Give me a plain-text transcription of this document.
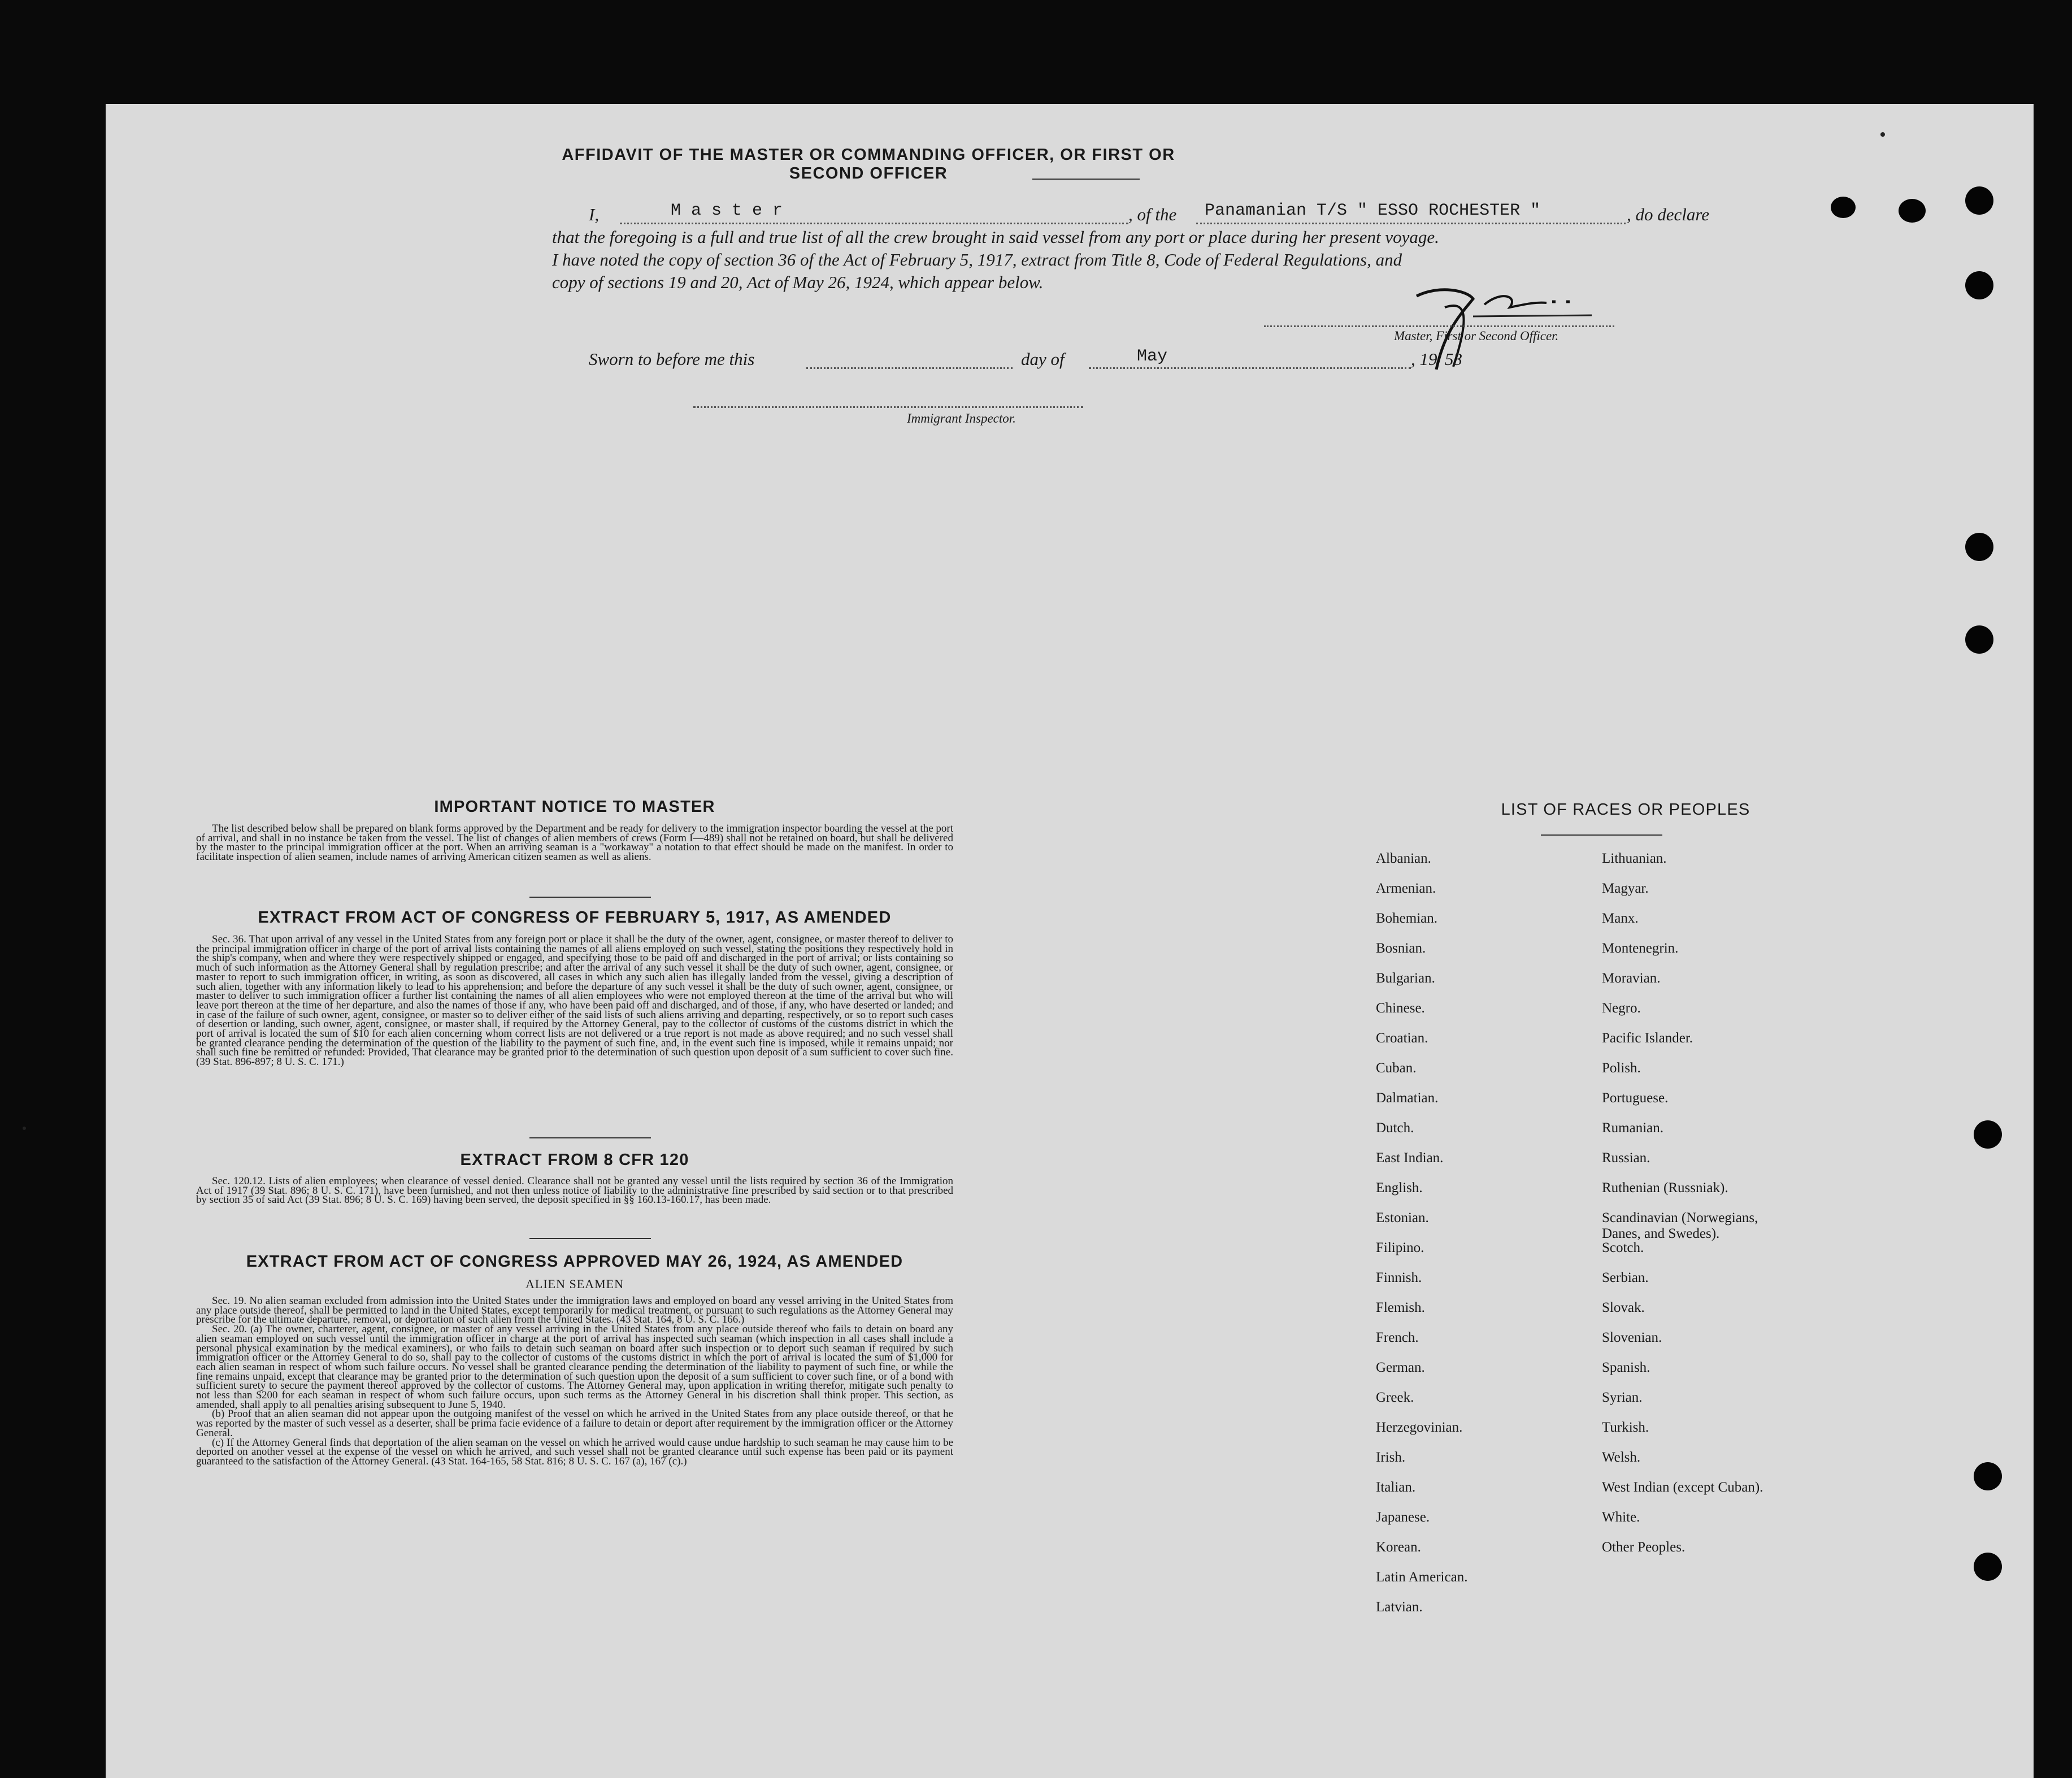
AFFIDAVIT OF THE MASTER OR COMMANDING OFFICER, OR FIRST OR SECOND OFFICER
I,	M a s t e r	, of the Panamanian T/S " ESSO ROCHESTER "	, do declare
that the foregoing is a full and true list of all the crew brought in said vessel from any port or place during her present voyage.
I have noted the copy of section 36 of the Act of February 5, 1917, extract from Title 8, Code of Federal Regulations, and
copy of sections 19 and 20, Act of May 26, 1924, which appear below.
Master, First or Second Officer.
Sworn to before me this	day of	May	, 19 53
Immigrant Inspector.
IMPORTANT NOTICE TO MASTER

The list described below shall be prepared on blank forms approved by the Department and be ready for delivery to the immigration inspector boarding the vessel at the port of arrival, and shall in no instance be taken from the vessel. The list of changes of alien members of crews (Form I—489) shall not be retained on board, but shall be delivered by the master to the principal immigration officer at the port. When an arriving seaman is a "workaway" a notation to that effect should be made on the manifest. In order to facilitate inspection of alien seamen, include names of arriving American citizen seamen as well as aliens.

EXTRACT FROM ACT OF CONGRESS OF FEBRUARY 5, 1917, AS AMENDED

Sec. 36. That upon arrival of any vessel in the United States from any foreign port or place it shall be the duty of the owner, agent, consignee, or master thereof to deliver to the principal immigration officer in charge of the port of arrival lists containing the names of all aliens employed on such vessel, stating the positions they respectively hold in the ship's company, when and where they were respectively shipped or engaged, and specifying those to be paid off and discharged in the port of arrival; or lists containing so much of such information as the Attorney General shall by regulation prescribe; and after the arrival of any such vessel it shall be the duty of such owner, agent, consignee, or master to report to such immigration officer, in writing, as soon as discovered, all cases in which any such alien has illegally landed from the vessel, giving a description of such alien, together with any information likely to lead to his apprehension; and before the departure of any such vessel it shall be the duty of such owner, agent, consignee, or master to deliver to such immigration officer a further list containing the names of all alien employees who were not employed thereon at the time of the arrival but who will leave port thereon at the time of her departure, and also the names of those if any, who have been paid off and discharged, and of those, if any, who have deserted or landed; and in case of the failure of such owner, agent, consignee, or master so to deliver either of the said lists of such aliens arriving and departing, respectively, or so to report such cases of desertion or landing, such owner, agent, consignee, or master shall, if required by the Attorney General, pay to the collector of customs of the customs district in which the port of arrival is located the sum of $10 for each alien concerning whom correct lists are not delivered or a true report is not made as above required; and no such vessel shall be granted clearance pending the determination of the question of the liability to the payment of such fine, and, in the event such fine is imposed, while it remains unpaid; nor shall such fine be remitted or refunded: Provided, That clearance may be granted prior to the determination of such question upon deposit of a sum sufficient to cover such fine. (39 Stat. 896-897; 8 U. S. C. 171.)

EXTRACT FROM 8 CFR 120

Sec. 120.12. Lists of alien employees; when clearance of vessel denied. Clearance shall not be granted any vessel until the lists required by section 36 of the Immigration Act of 1917 (39 Stat. 896; 8 U. S. C. 171), have been furnished, and not then unless notice of liability to the administrative fine prescribed by said section or to that prescribed by section 35 of said Act (39 Stat. 896; 8 U. S. C. 169) having been served, the deposit specified in §§ 160.13-160.17, has been made.

EXTRACT FROM ACT OF CONGRESS APPROVED MAY 26, 1924, AS AMENDED
ALIEN SEAMEN

Sec. 19. No alien seaman excluded from admission into the United States under the immigration laws and employed on board any vessel arriving in the United States from any place outside thereof, shall be permitted to land in the United States, except temporarily for medical treatment, or pursuant to such regulations as the Attorney General may prescribe for the ultimate departure, removal, or deportation of such alien from the United States. (43 Stat. 164, 8 U. S. C. 166.)

Sec. 20. (a) The owner, charterer, agent, consignee, or master of any vessel arriving in the United States from any place outside thereof who fails to detain on board any alien seaman employed on such vessel until the immigration officer in charge at the port of arrival has inspected such seaman (which inspection in all cases shall include a personal physical examination by the medical examiners), or who fails to detain such seaman on board after such inspection or to deport such seaman if required by such immigration officer or the Attorney General to do so, shall pay to the collector of customs of the customs district in which the port of arrival is located the sum of $1,000 for each alien seaman in respect of whom such failure occurs. No vessel shall be granted clearance pending the determination of the liability to payment of such fine, or while the fine remains unpaid, except that clearance may be granted prior to the determination of such question upon the deposit of a sum sufficient to cover such fine, or of a bond with sufficient surety to secure the payment thereof approved by the collector of customs. The Attorney General may, upon application in writing therefor, mitigate such penalty to not less than $200 for each seaman in respect of whom such failure occurs, upon such terms as the Attorney General in his discretion shall think proper. This section, as amended, shall apply to all penalties arising subsequent to June 5, 1940.

(b) Proof that an alien seaman did not appear upon the outgoing manifest of the vessel on which he arrived in the United States from any place outside thereof, or that he was reported by the master of such vessel as a deserter, shall be prima facie evidence of a failure to detain or deport after requirement by the immigration officer or the Attorney General.

(c) If the Attorney General finds that deportation of the alien seaman on the vessel on which he arrived would cause undue hardship to such seaman he may cause him to be deported on another vessel at the expense of the vessel on which he arrived, and such vessel shall not be granted clearance until such expense has been paid or its payment guaranteed to the satisfaction of the Attorney General. (43 Stat. 164-165, 58 Stat. 816; 8 U. S. C. 167 (a), 167 (c).)

LIST OF RACES OR PEOPLES
Albanian.
Armenian.
Bohemian.
Bosnian.
Bulgarian.
Chinese.
Croatian.
Cuban.
Dalmatian.
Dutch.
East Indian.
English.
Estonian.
Filipino.
Finnish.
Flemish.
French.
German.
Greek.
Herzegovinian.
Irish.
Italian.
Japanese.
Korean.
Latin American.
Latvian.
Lithuanian.
Magyar.
Manx.
Montenegrin.
Moravian.
Negro.
Pacific Islander.
Polish.
Portuguese.
Rumanian.
Russian.
Ruthenian (Russniak).
Scandinavian (Norwegians,
Danes, and Swedes).
Scotch.
Serbian.
Slovak.
Slovenian.
Spanish.
Syrian.
Turkish.
Welsh.
West Indian (except Cuban).
White.
Other Peoples.
